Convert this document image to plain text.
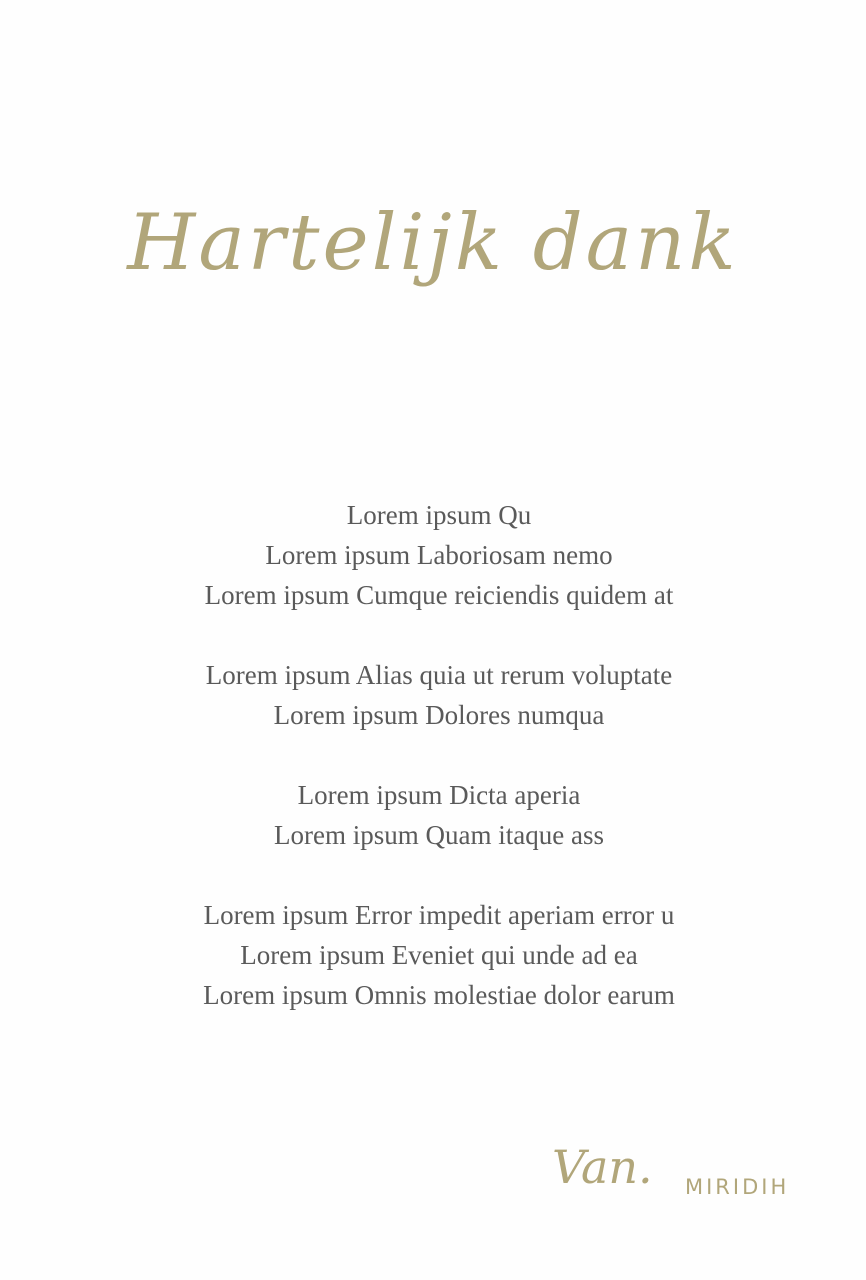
Hartelijk dank
Lorem ipsum Qu
Lorem ipsum Laboriosam nemo
Lorem ipsum Cumque reiciendis quidem at
Lorem ipsum Alias quia ut rerum voluptate
Lorem ipsum Dolores numqua
Lorem ipsum Dicta aperia
Lorem ipsum Quam itaque ass
Lorem ipsum Error impedit aperiam error u
Lorem ipsum Eveniet qui unde ad ea
Lorem ipsum Omnis molestiae dolor earum
Van. MIRIDIH
